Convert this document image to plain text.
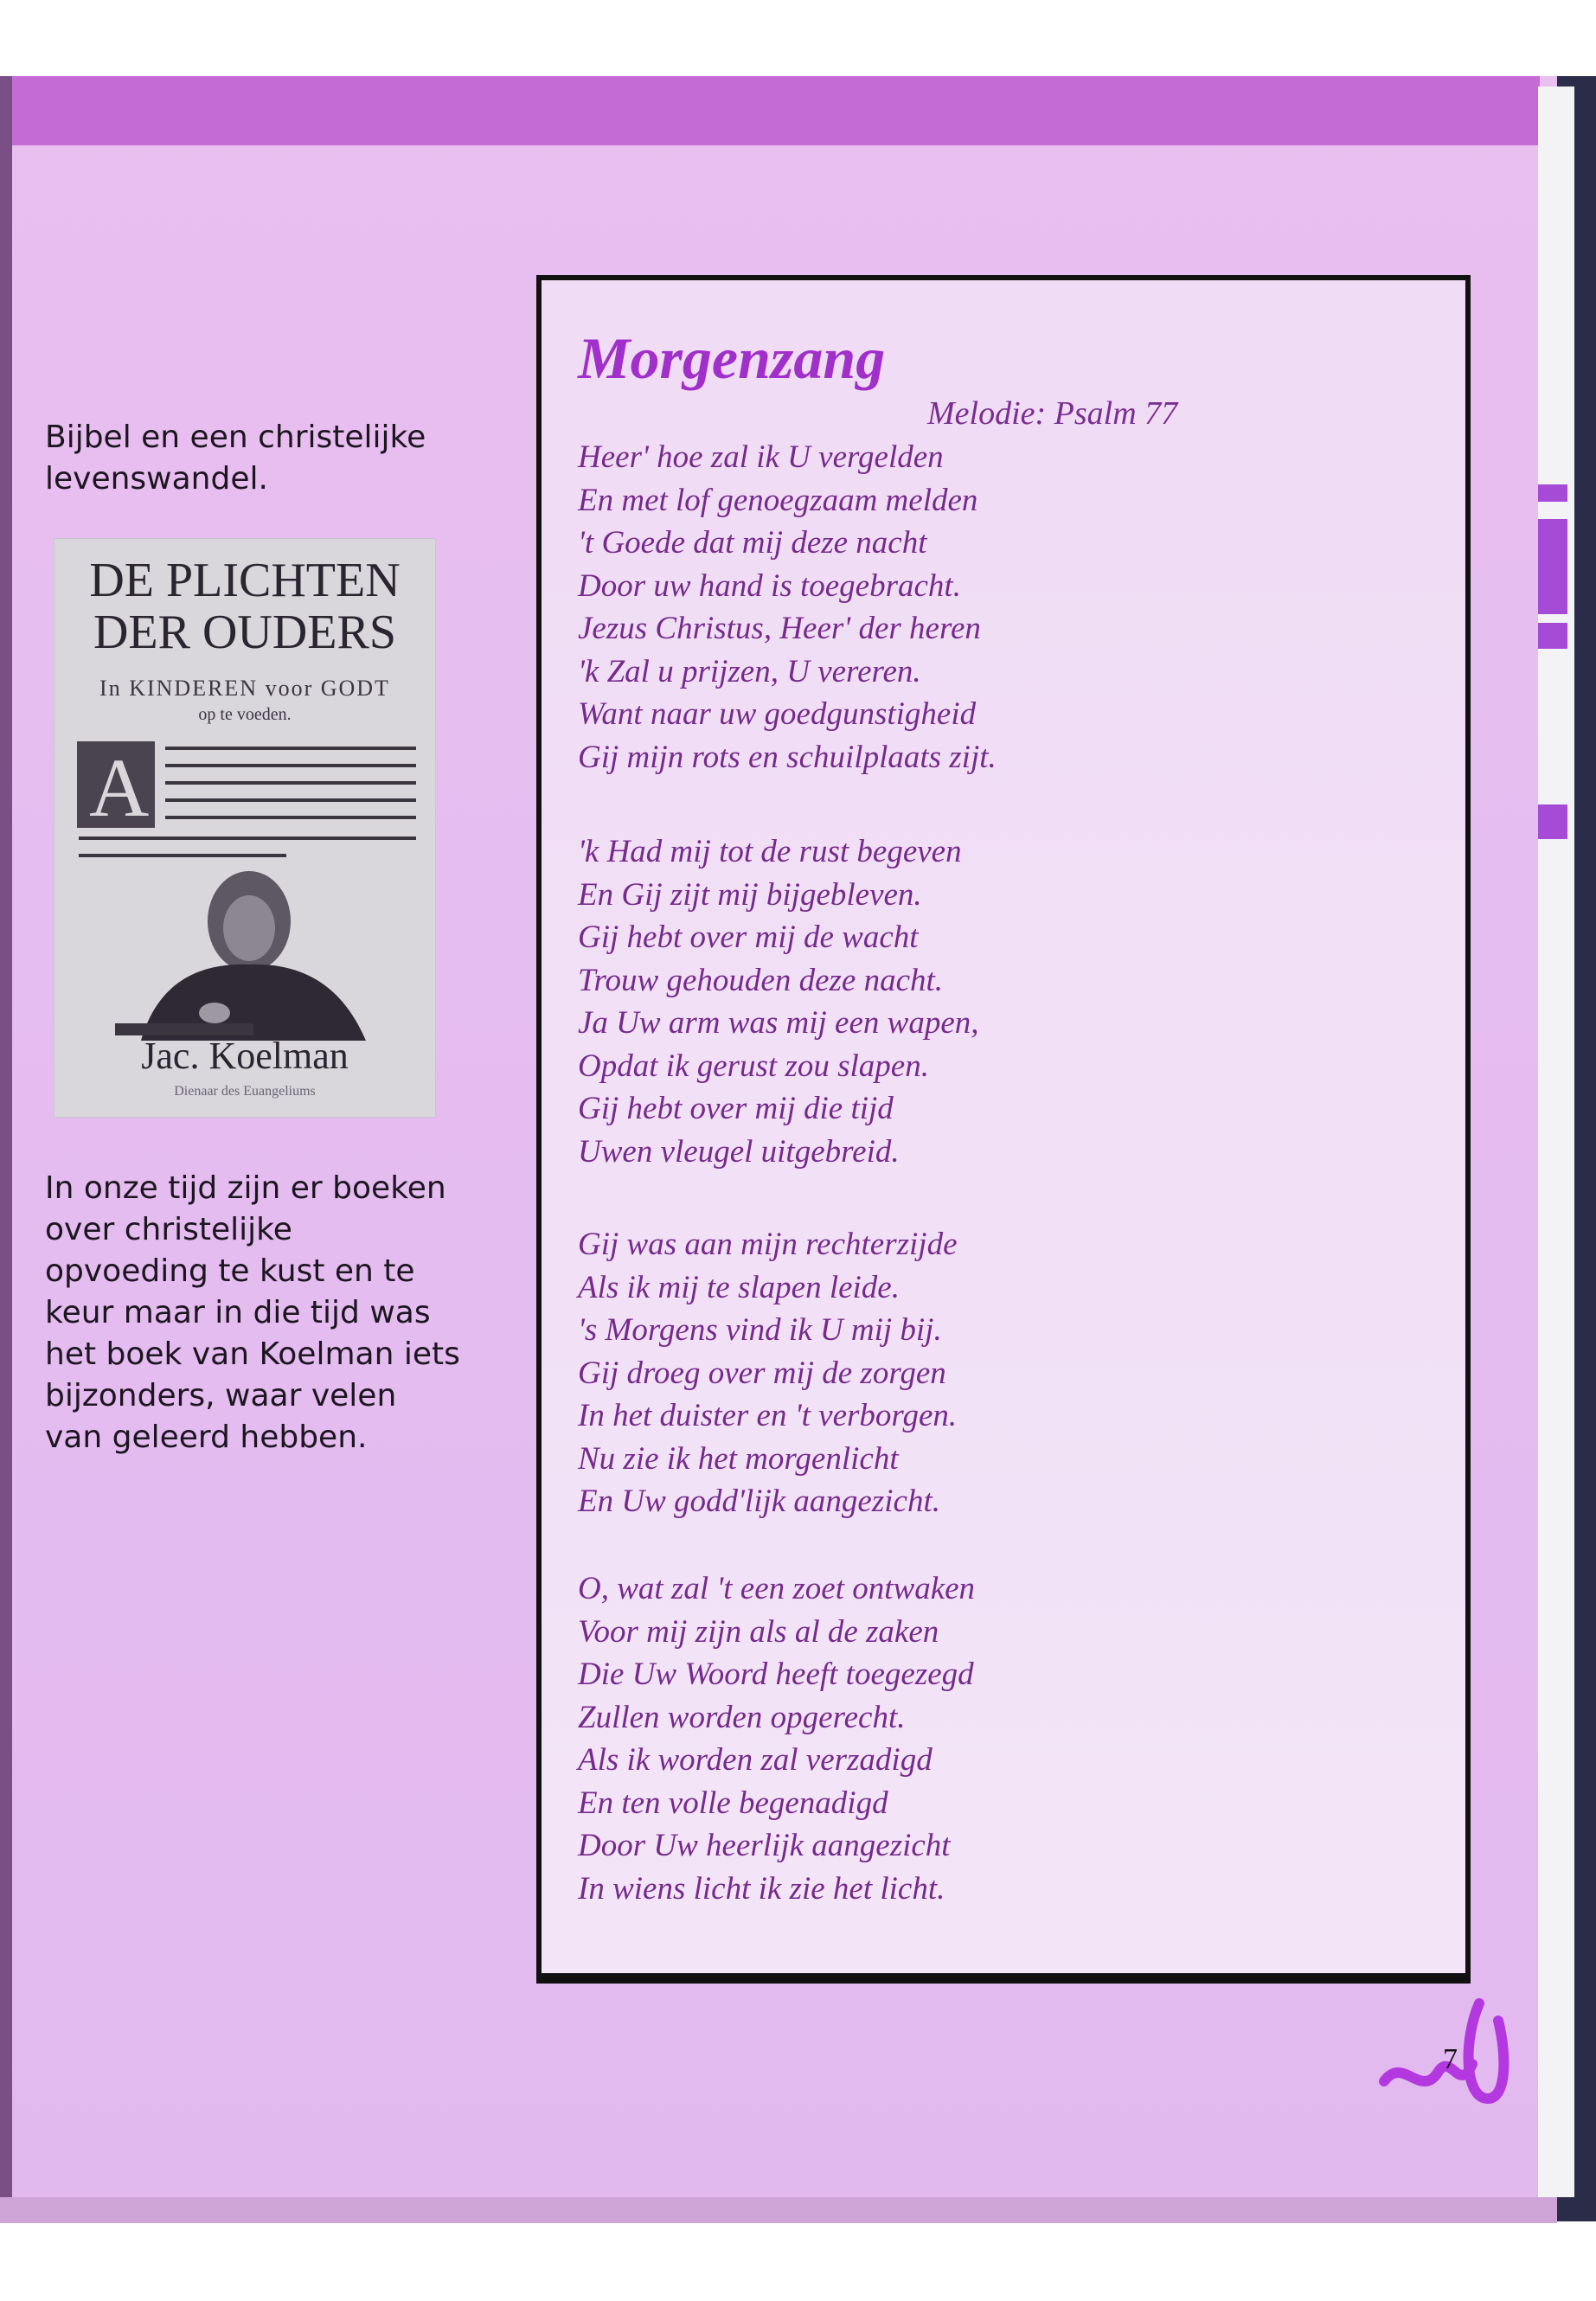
Bijbel en een christelijke levenswandel.

DE PLICHTEN
DER OUDERS
In KINDEREN voor GODT
op te voeden.
A
Jac. Koelman
Dienaar des Euangeliums

In onze tijd zijn er boeken over christelijke opvoeding te kust en te keur maar in die tijd was het boek van Koelman iets bijzonders, waar velen van geleerd hebben.

Morgenzang
Melodie: Psalm 77
Heer' hoe zal ik U vergelden
En met lof genoegzaam melden
't Goede dat mij deze nacht
Door uw hand is toegebracht.
Jezus Christus, Heer' der heren
'k Zal u prijzen, U vereren.
Want naar uw goedgunstigheid
Gij mijn rots en schuilplaats zijt.
'k Had mij tot de rust begeven
En Gij zijt mij bijgebleven.
Gij hebt over mij de wacht
Trouw gehouden deze nacht.
Ja Uw arm was mij een wapen,
Opdat ik gerust zou slapen.
Gij hebt over mij die tijd
Uwen vleugel uitgebreid.
Gij was aan mijn rechterzijde
Als ik mij te slapen leide.
's Morgens vind ik U mij bij.
Gij droeg over mij de zorgen
In het duister en 't verborgen.
Nu zie ik het morgenlicht
En Uw godd'lijk aangezicht.
O, wat zal 't een zoet ontwaken
Voor mij zijn als al de zaken
Die Uw Woord heeft toegezegd
Zullen worden opgerecht.
Als ik worden zal verzadigd
En ten volle begenadigd
Door Uw heerlijk aangezicht
In wiens licht ik zie het licht.
7
